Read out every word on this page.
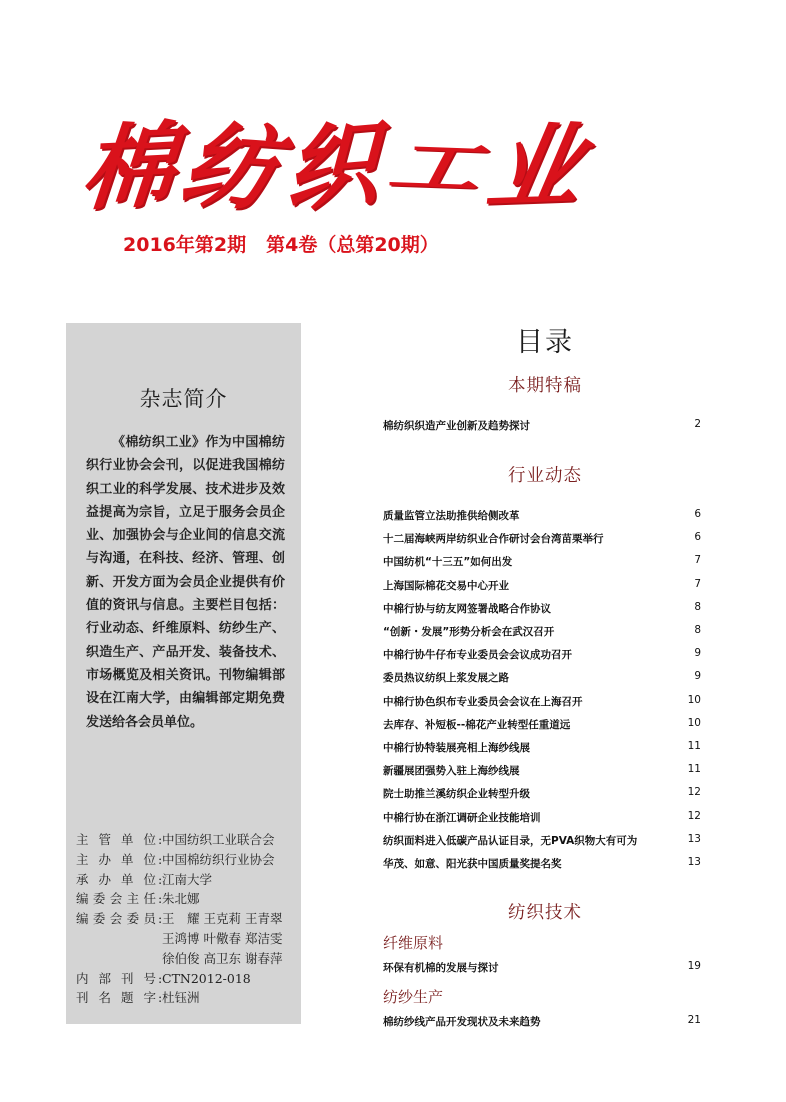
棉
纺
织 工
业
2016年第2期 第4卷（总第20期）
杂志简介
《棉纺织工业》作为中国棉纺织行业协会会刊，以促进我国棉纺织工业的科学发展、技术进步及效益提高为宗旨，立足于服务会员企业、加强协会与企业间的信息交流与沟通，在科技、经济、管理、创新、开发方面为会员企业提供有价值的资讯与信息。主要栏目包括：行业动态、纤维原料、纺纱生产、织造生产、产品开发、装备技术、市场概览及相关资讯。刊物编辑部设在江南大学，由编辑部定期免费发送给各会员单位。
主管单位 : 中国纺织工业联合会
主办单位 : 中国棉纺织行业协会
承办单位 : 江南大学
编委会主任 : 朱北娜
编委会委员 : 王　耀 王克莉 王青翠
王鸿博 叶儆春 郑洁雯
徐伯俊 高卫东 谢春萍
内部刊号 : CTN2012-018
刊名题字 : 杜钰洲
目录
本期特稿
棉纺织织造产业创新及趋势探讨	2
行业动态
质量监管立法助推供给侧改革	6
十二届海峡两岸纺织业合作研讨会台湾苗栗举行	6
中国纺机“十三五”如何出发	7
上海国际棉花交易中心开业	7
中棉行协与纺友网签署战略合作协议	8
“创新・发展”形势分析会在武汉召开	8
中棉行协牛仔布专业委员会会议成功召开	9
委员热议纺织上浆发展之路	9
中棉行协色织布专业委员会会议在上海召开	10
去库存、补短板--棉花产业转型任重道远	10
中棉行协特装展亮相上海纱线展	11
新疆展团强势入驻上海纱线展	11
院士助推兰溪纺织企业转型升级	12
中棉行协在浙江调研企业技能培训	12
纺织面料进入低碳产品认证目录，无PVA织物大有可为	13
华茂、如意、阳光获中国质量奖提名奖	13
纺织技术
纤维原料
环保有机棉的发展与探讨	19
纺纱生产
棉纺纱线产品开发现状及未来趋势	21
